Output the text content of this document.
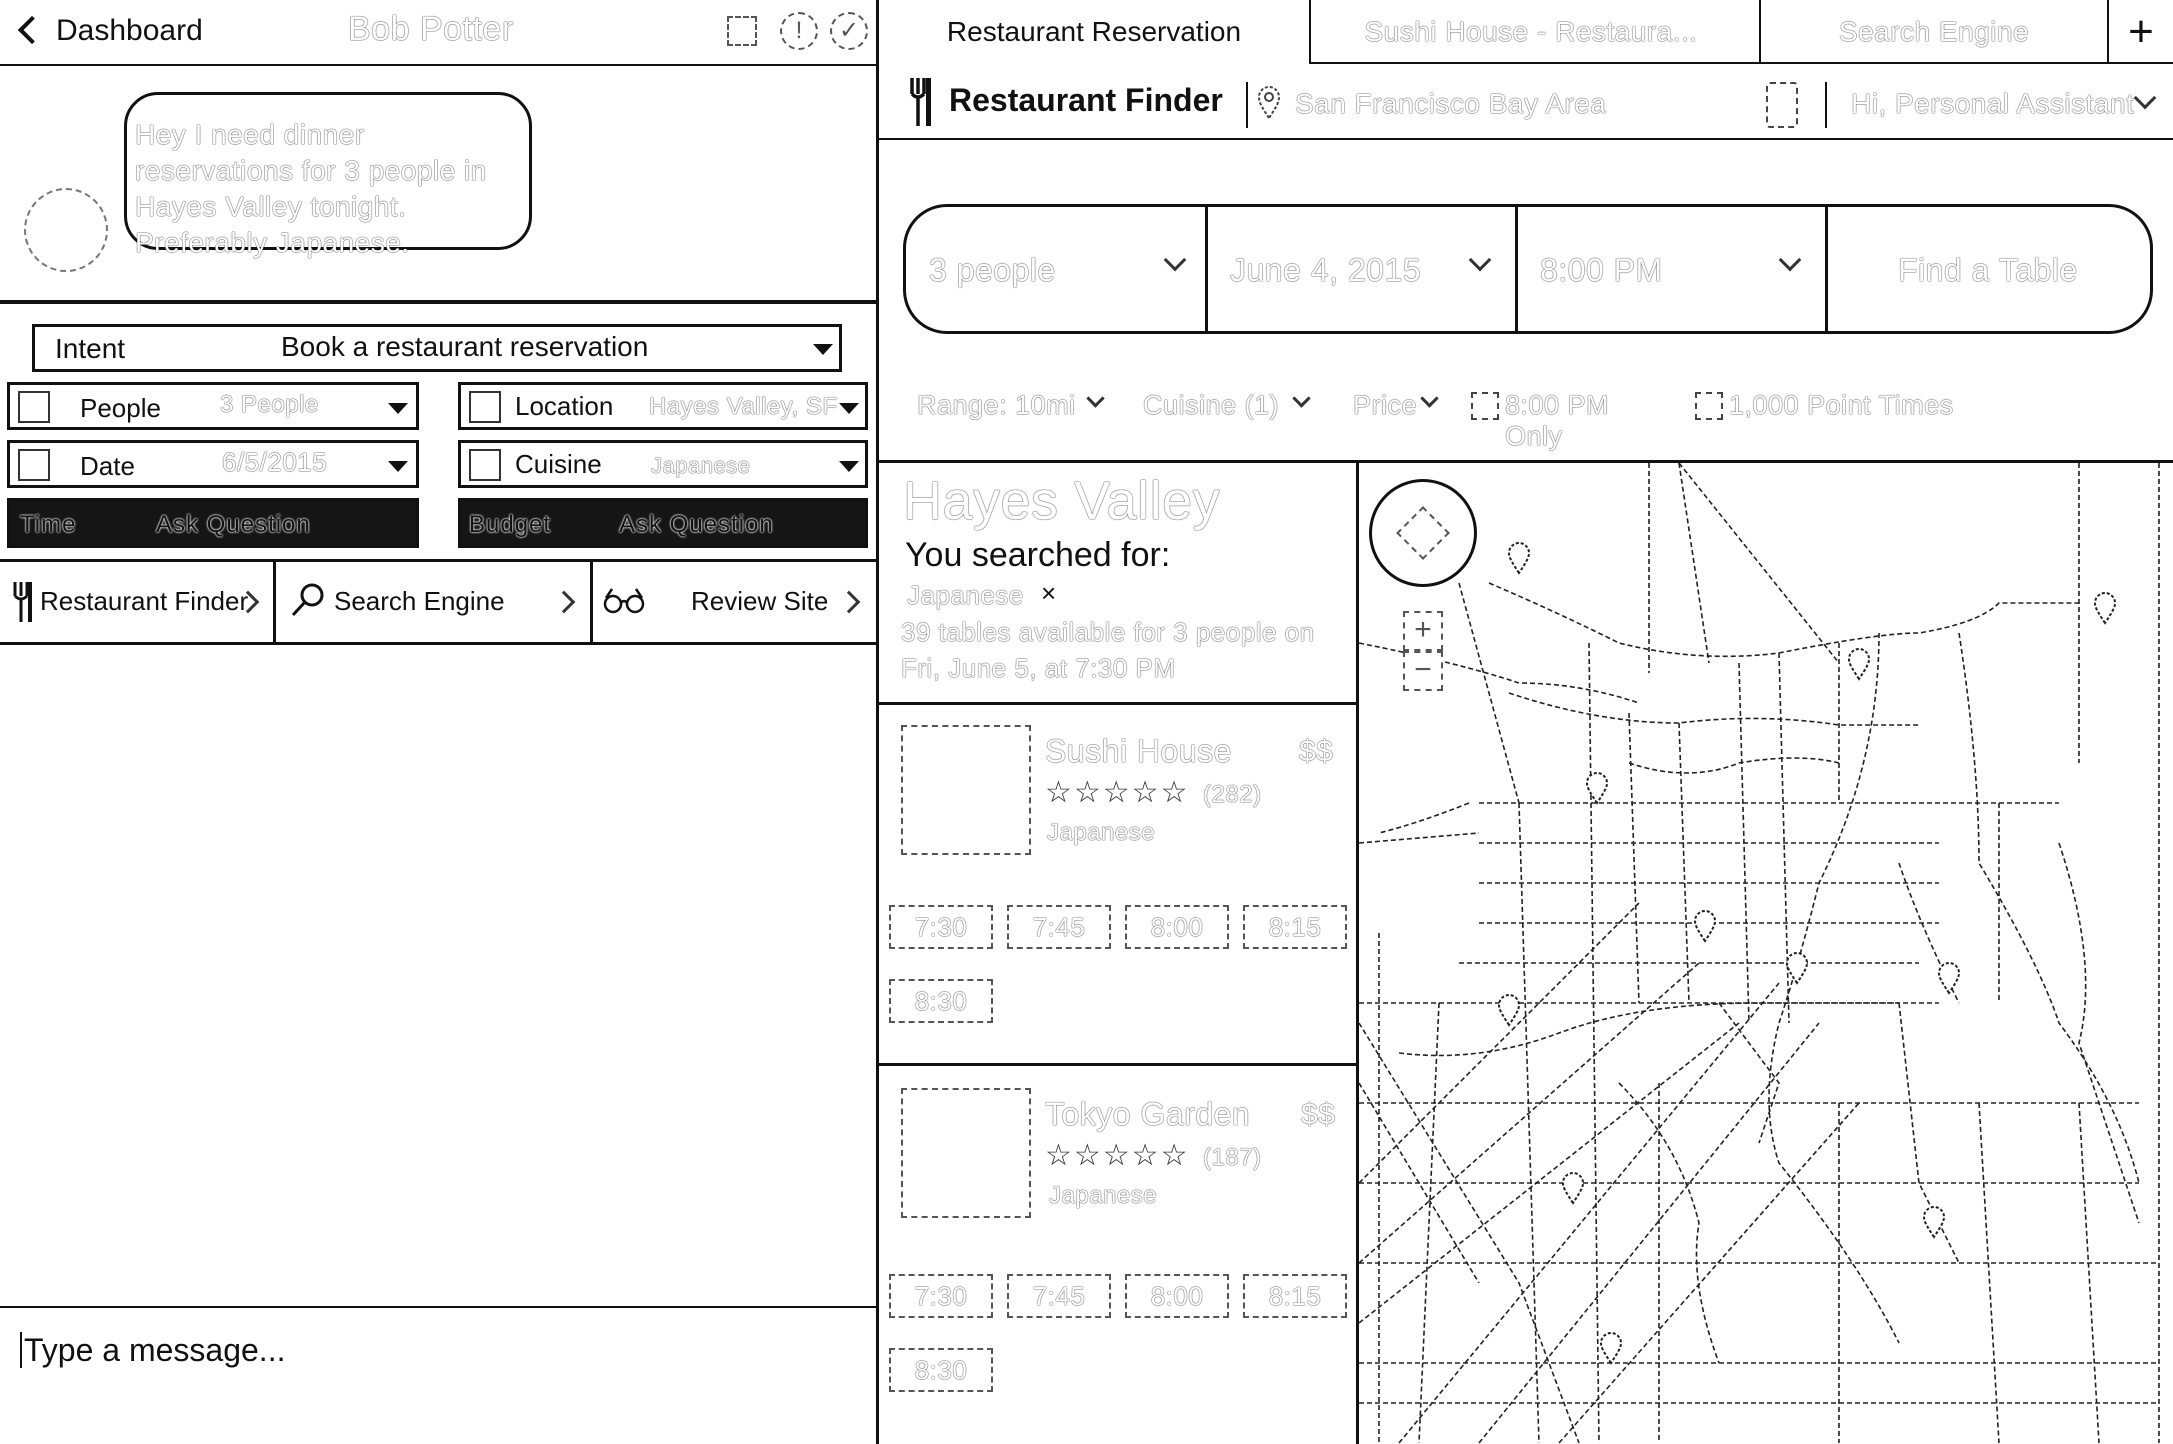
Dashboard	Bob Potter	!	✓
Hey I need dinner reservations for 3 people in Hayes Valley tonight. Preferably Japanese.
Intent	Book a restaurant reservation
People 3 People	Location Hayes Valley, SF
Date	6/5/2015	Cuisine Japanese
Time	Ask Question	Budget	Ask Question
Restaurant Finder	Search Engine	Review Site
Type a message...
Restaurant Reservation	Sushi House - Restaura...	Search Engine	+
Restaurant Finder	San Francisco Bay Area	Hi, Personal Assistant
3 people	June 4, 2015	8:00 PM	Find a Table
Range: 10mi Cuisine (1)	Price	8:00 PM Only
1,000 Point Times
Hayes Valley
You searched for:
Japanese ×
39 tables available for 3 people on Fri, June 5, at 7:30 PM
Sushi House $$
☆☆☆☆☆ (282)
Japanese
7:30	7:45	8:00	8:15
8:30
Tokyo Garden $$
☆☆☆☆☆ (187)
Japanese
7:30	7:45	8:00	8:15
8:30
+
−
